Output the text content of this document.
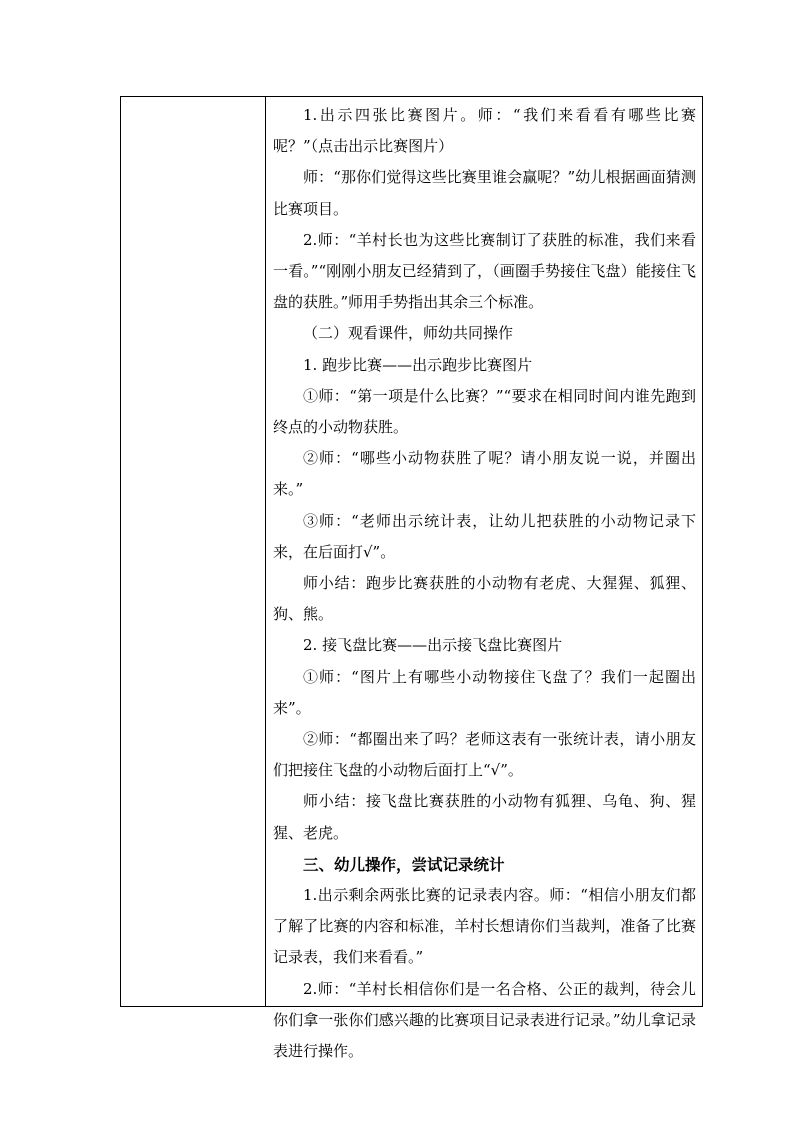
1.出示四张比赛图片。师：“我们来看看有哪些比赛呢？”（点击出示比赛图片）

师：“那你们觉得这些比赛里谁会赢呢？”幼儿根据画面猜测比赛项目。

2.师：“羊村长也为这些比赛制订了获胜的标准，我们来看一看。”“刚刚小朋友已经猜到了，（画圈手势接住飞盘）能接住飞盘的获胜。”师用手势指出其余三个标准。

（二）观看课件，师幼共同操作

1. 跑步比赛——出示跑步比赛图片

①师：“第一项是什么比赛？”“要求在相同时间内谁先跑到终点的小动物获胜。

②师：“哪些小动物获胜了呢？请小朋友说一说，并圈出来。”

③师：“老师出示统计表，让幼儿把获胜的小动物记录下来，在后面打√”。

师小结：跑步比赛获胜的小动物有老虎、大猩猩、狐狸、狗、熊。

2. 接飞盘比赛——出示接飞盘比赛图片

①师：“图片上有哪些小动物接住飞盘了？我们一起圈出来”。

②师：“都圈出来了吗？老师这表有一张统计表，请小朋友们把接住飞盘的小动物后面打上“√”。

师小结：接飞盘比赛获胜的小动物有狐狸、乌龟、狗、猩猩、老虎。

三、幼儿操作，尝试记录统计

1.出示剩余两张比赛的记录表内容。师：“相信小朋友们都了解了比赛的内容和标准，羊村长想请你们当裁判，准备了比赛记录表，我们来看看。”

2.师：“羊村长相信你们是一名合格、公正的裁判，待会儿你们拿一张你们感兴趣的比赛项目记录表进行记录。”幼儿拿记录表进行操作。
